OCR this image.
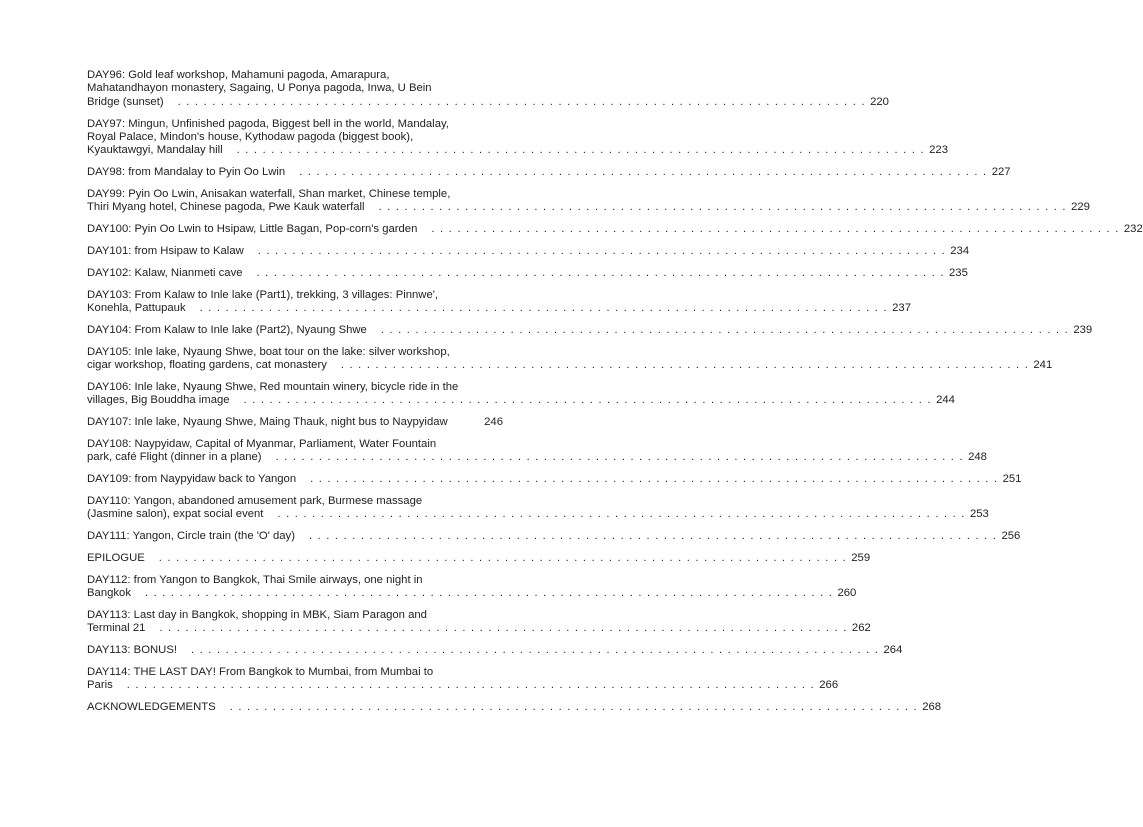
DAY96: Gold leaf workshop, Mahamuni pagoda, Amarapura,
Mahatandhayon monastery, Sagaing, U Ponya pagoda, Inwa, U Bein
Bridge (sunset) ................................................................................ 220
DAY97: Mingun, Unfinished pagoda, Biggest bell in the world, Mandalay,
Royal Palace, Mindon's house, Kythodaw pagoda (biggest book),
Kyauktawgyi, Mandalay hill ................................................................................ 223
DAY98: from Mandalay to Pyin Oo Lwin ................................................................................ 227
DAY99: Pyin Oo Lwin, Anisakan waterfall, Shan market, Chinese temple,
Thiri Myang hotel, Chinese pagoda, Pwe Kauk waterfall ................................................................................ 229
DAY100: Pyin Oo Lwin to Hsipaw, Little Bagan, Pop-corn's garden ................................................................................ 232
DAY101: from Hsipaw to Kalaw ................................................................................ 234
DAY102: Kalaw, Nianmeti cave ................................................................................ 235
DAY103: From Kalaw to Inle lake (Part1), trekking, 3 villages: Pinnwe',
Konehla, Pattupauk ................................................................................ 237
DAY104: From Kalaw to Inle lake (Part2), Nyaung Shwe ................................................................................ 239
DAY105: Inle lake, Nyaung Shwe, boat tour on the lake: silver workshop,
cigar workshop, floating gardens, cat monastery ................................................................................ 241
DAY106: Inle lake, Nyaung Shwe, Red mountain winery, bicycle ride in the
villages, Big Bouddha image ................................................................................ 244
DAY107: Inle lake, Nyaung Shwe, Maing Thauk, night bus to Naypyidaw	246
DAY108: Naypyidaw, Capital of Myanmar, Parliament, Water Fountain
park, café Flight (dinner in a plane) ................................................................................ 248
DAY109: from Naypyidaw back to Yangon ................................................................................ 251
DAY110: Yangon, abandoned amusement park, Burmese massage
(Jasmine salon), expat social event ................................................................................ 253
DAY111: Yangon, Circle train (the 'O' day) ................................................................................ 256
EPILOGUE ................................................................................ 259
DAY112: from Yangon to Bangkok, Thai Smile airways, one night in
Bangkok ................................................................................ 260
DAY113: Last day in Bangkok, shopping in MBK, Siam Paragon and
Terminal 21 ................................................................................ 262
DAY113: BONUS! ................................................................................ 264
DAY114: THE LAST DAY! From Bangkok to Mumbai, from Mumbai to
Paris ................................................................................ 266
ACKNOWLEDGEMENTS ................................................................................ 268
